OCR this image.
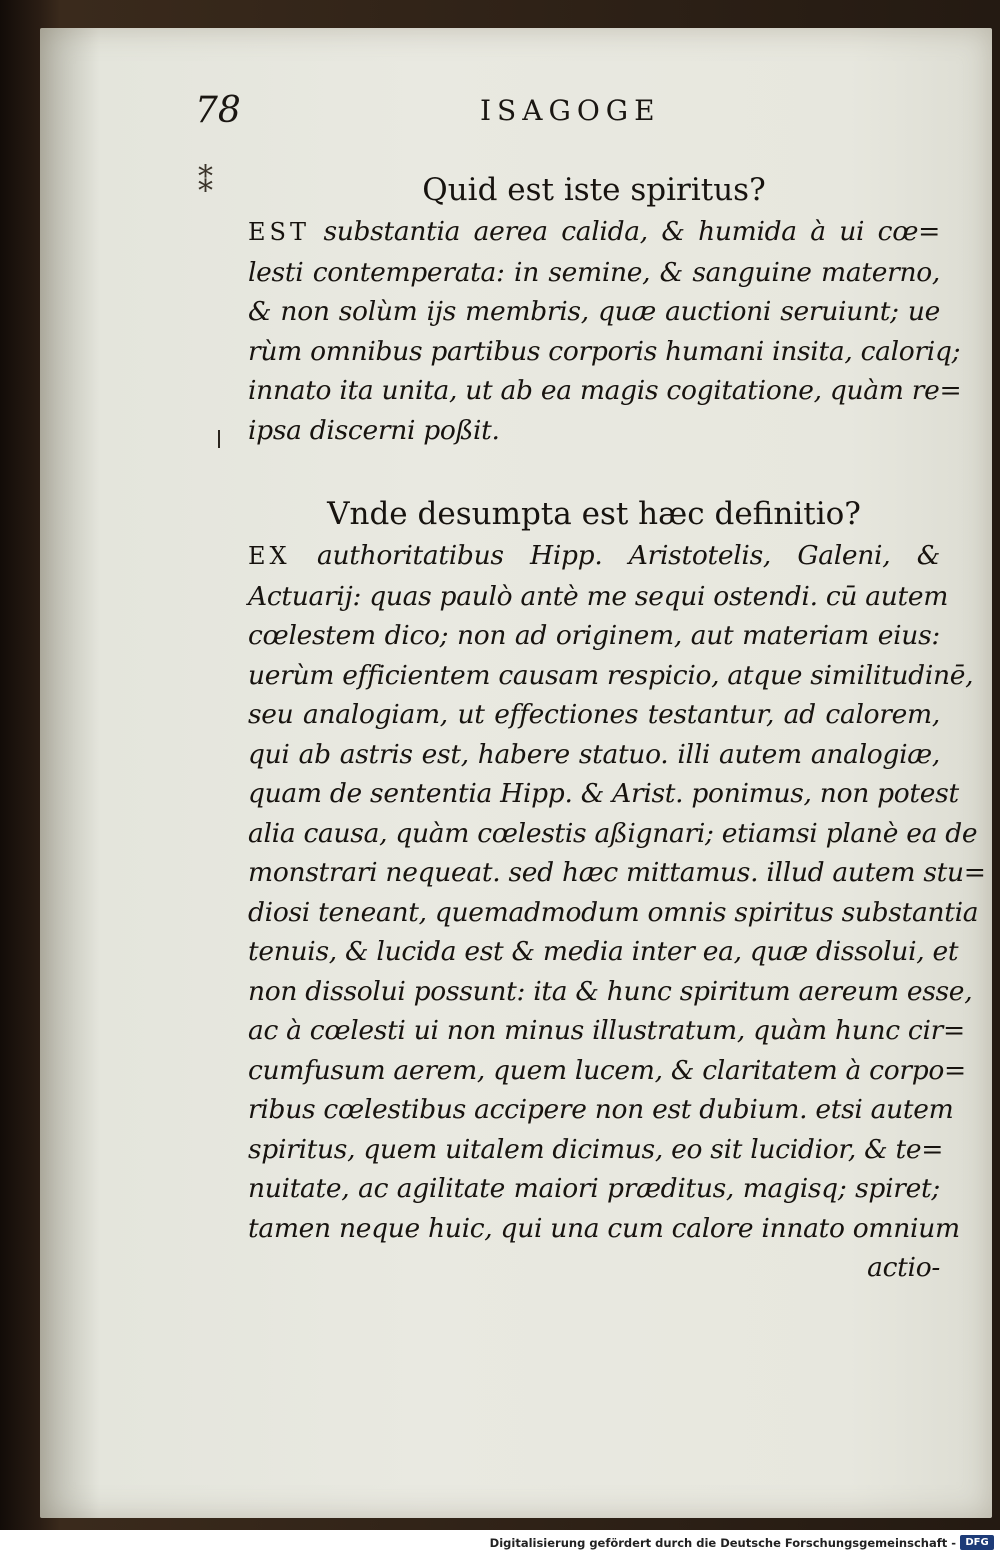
78	ISAGOGE
⁑	Quid est iste spiritus?
EST substantia aerea calida, & humida à ui cœ=
lesti contemperata: in semine, & sanguine materno,
& non solùm ijs membris, quæ auctioni seruiunt; ue
rùm omnibus partibus corporis humani insita, caloriq;
innato ita unita, ut ab ea magis cogitatione, quàm re=
ipsa discerni poßit.
Vnde desumpta est hæc definitio?
EX authoritatibus Hipp. Aristotelis, Galeni, &
Actuarij: quas paulò antè me sequi ostendi. cū autem
cœlestem dico; non ad originem, aut materiam eius:
uerùm efficientem causam respicio, atque similitudinē,
seu analogiam, ut effectiones testantur, ad calorem,
qui ab astris est, habere statuo. illi autem analogiæ,
quam de sententia Hipp. & Arist. ponimus, non potest
alia causa, quàm cœlestis aßignari; etiamsi planè ea de
monstrari nequeat. sed hæc mittamus. illud autem stu=
diosi teneant, quemadmodum omnis spiritus substantia
tenuis, & lucida est & media inter ea, quæ dissolui, et
non dissolui possunt: ita & hunc spiritum aereum esse,
ac à cœlesti ui non minus illustratum, quàm hunc cir=
cumfusum aerem, quem lucem, & claritatem à corpo=
ribus cœlestibus accipere non est dubium. etsi autem
spiritus, quem uitalem dicimus, eo sit lucidior, & te=
nuitate, ac agilitate maiori præditus, magisq; spiret;
tamen neque huic, qui una cum calore innato omnium
actio-
Digitalisierung gefördert durch die Deutsche Forschungsgemeinschaft - DFG
